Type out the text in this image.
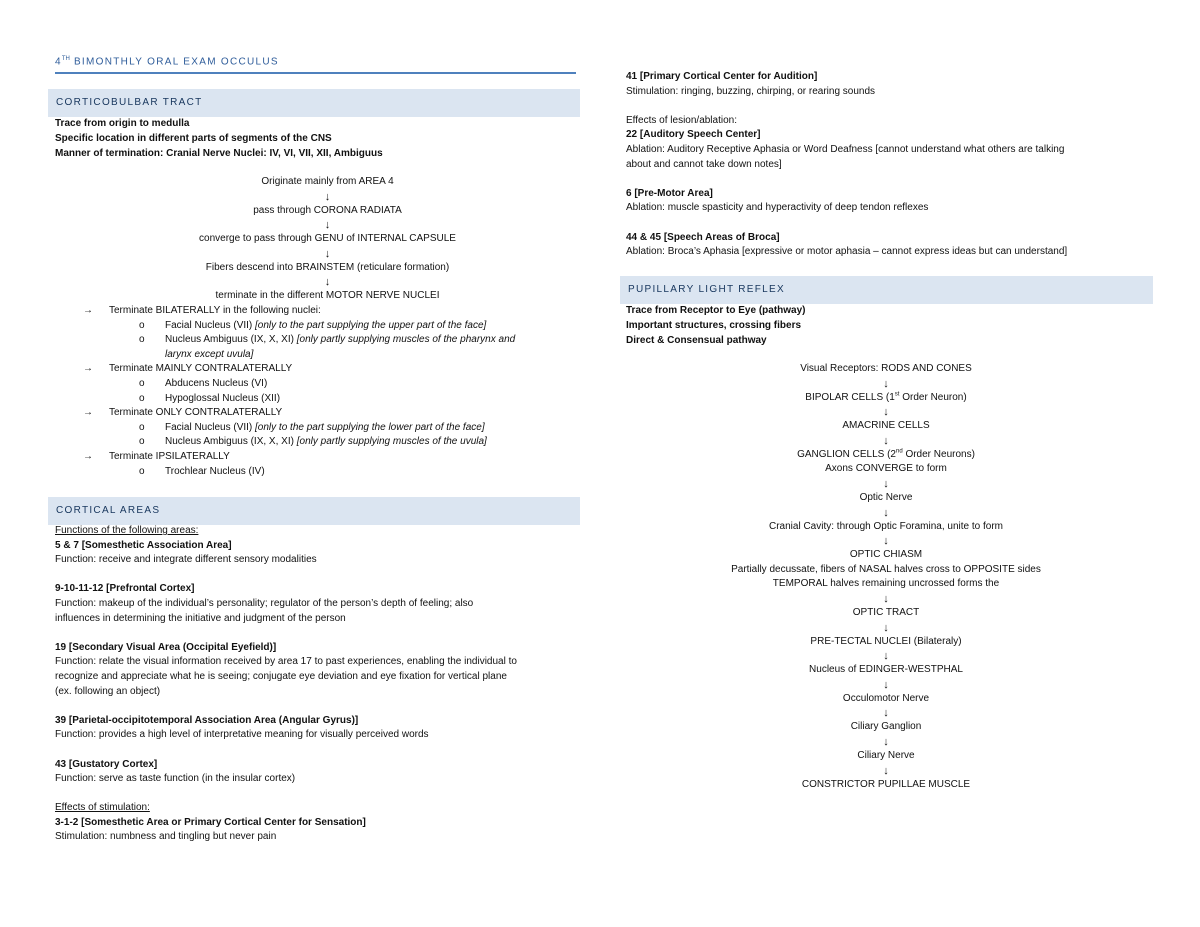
4TH BIMONTHLY ORAL EXAM OCCULUS
CORTICOBULBAR TRACT
Trace from origin to medulla
Specific location in different parts of segments of the CNS
Manner of termination: Cranial Nerve Nuclei: IV, VI, VII, XII, Ambiguus
Originate mainly from AREA 4
↓
pass through CORONA RADIATA
↓
converge to pass through GENU of INTERNAL CAPSULE
↓
Fibers descend into BRAINSTEM (reticulare formation)
↓
terminate in the different MOTOR NERVE NUCLEI
→ Terminate BILATERALLY in the following nuclei:
o Facial Nucleus (VII) [only to the part supplying the upper part of the face]
o Nucleus Ambiguus (IX, X, XI) [only partly supplying muscles of the pharynx and
larynx except uvula]
→ Terminate MAINLY CONTRALATERALLY
o Abducens Nucleus (VI)
o Hypoglossal Nucleus (XII)
→ Terminate ONLY CONTRALATERALLY
o Facial Nucleus (VII) [only to the part supplying the lower part of the face]
o Nucleus Ambiguus (IX, X, XI) [only partly supplying muscles of the uvula]
→ Terminate IPSILATERALLY
o Trochlear Nucleus (IV)
Functions of the following areas:
5 & 7 [Somesthetic Association Area]
Function: receive and integrate different sensory modalities
9-10-11-12 [Prefrontal Cortex]
Function: makeup of the individual’s personality; regulator of the person’s depth of feeling; also
influences in determining the initiative and judgment of the person
19 [Secondary Visual Area (Occipital Eyefield)]
Function: relate the visual information received by area 17 to past experiences, enabling the individual to
recognize and appreciate what he is seeing; conjugate eye deviation and eye fixation for vertical plane
(ex. following an object)
39 [Parietal-occipitotemporal Association Area (Angular Gyrus)]
Function: provides a high level of interpretative meaning for visually perceived words
43 [Gustatory Cortex]
Function: serve as taste function (in the insular cortex)
Effects of stimulation:
3-1-2 [Somesthetic Area or Primary Cortical Center for Sensation]
Stimulation: numbness and tingling but never pain
CORTICAL AREAS
41 [Primary Cortical Center for Audition]
Stimulation: ringing, buzzing, chirping, or rearing sounds
Effects of lesion/ablation:
22 [Auditory Speech Center]
Ablation: Auditory Receptive Aphasia or Word Deafness [cannot understand what others are talking
about and cannot take down notes]
6 [Pre-Motor Area]
Ablation: muscle spasticity and hyperactivity of deep tendon reflexes
44 & 45 [Speech Areas of Broca]
Ablation: Broca’s Aphasia [expressive or motor aphasia – cannot express ideas but can understand]
Trace from Receptor to Eye (pathway)
Important structures, crossing fibers
Direct & Consensual pathway
Visual Receptors: RODS AND CONES
↓
BIPOLAR CELLS (1st Order Neuron)
↓
AMACRINE CELLS
↓
GANGLION CELLS (2nd Order Neurons)
Axons CONVERGE to form
↓
Optic Nerve
↓
Cranial Cavity: through Optic Foramina, unite to form
↓
OPTIC CHIASM
Partially decussate, fibers of NASAL halves cross to OPPOSITE sides
TEMPORAL halves remaining uncrossed forms the
↓
OPTIC TRACT
↓
PRE-TECTAL NUCLEI (Bilateraly)
↓
Nucleus of EDINGER-WESTPHAL
↓
Occulomotor Nerve
↓
Ciliary Ganglion
↓
Ciliary Nerve
↓
CONSTRICTOR PUPILLAE MUSCLE
PUPILLARY LIGHT REFLEX
